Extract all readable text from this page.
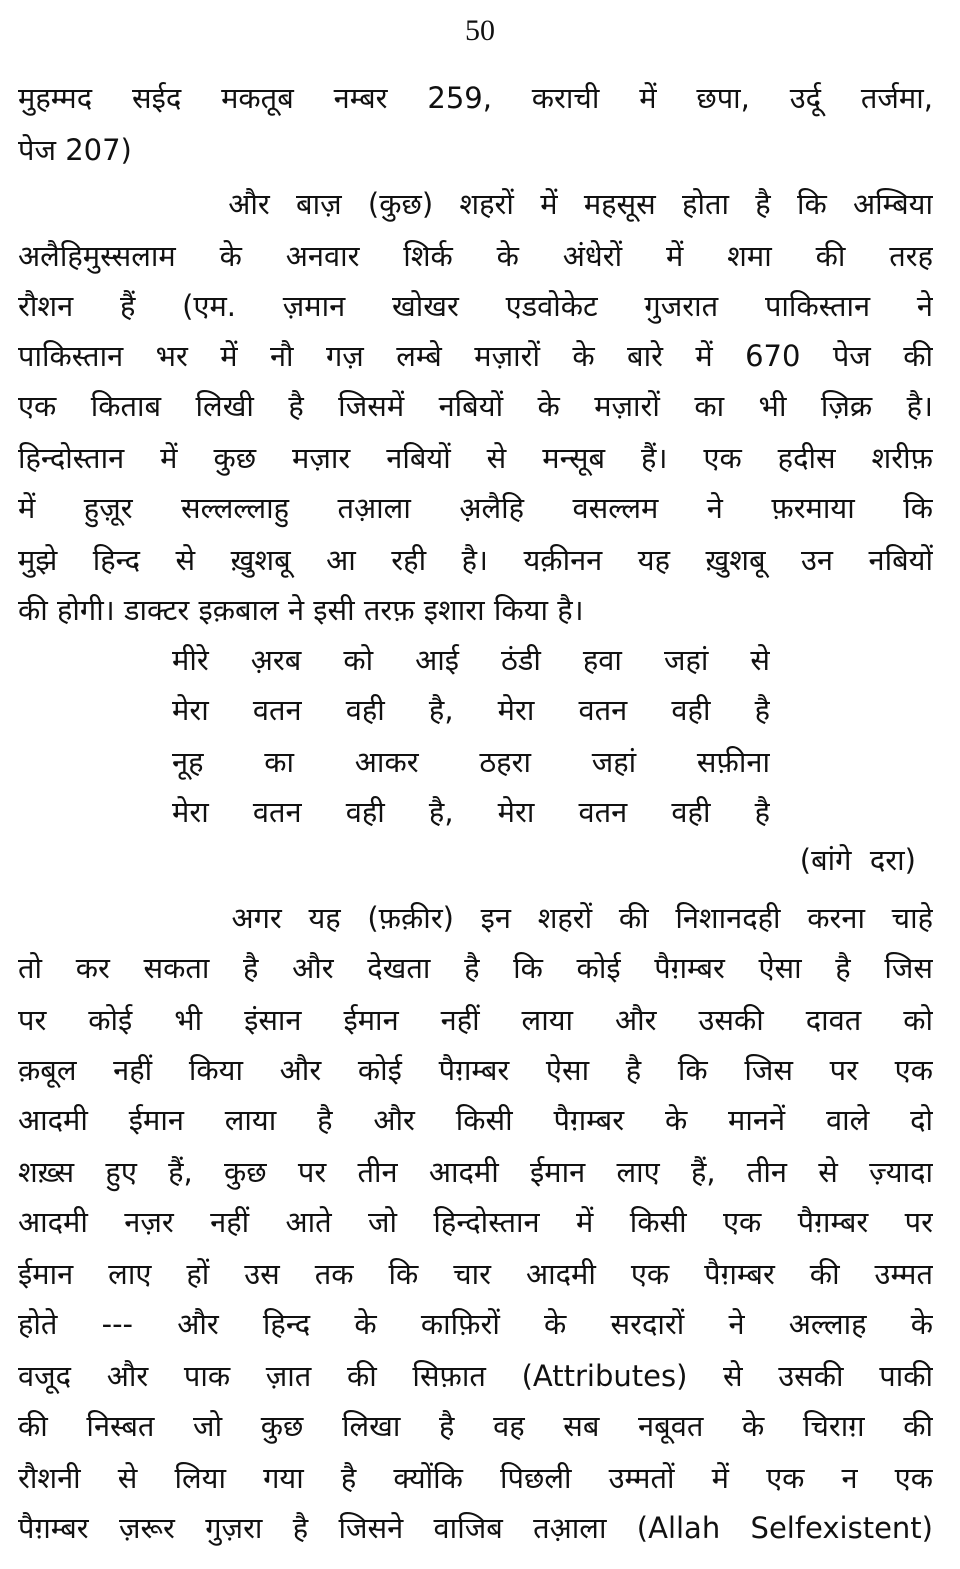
50
मुहम्मद सईद मकतूब नम्बर 259, कराची में छपा, उर्दू तर्जमा,
पेज 207)
और बाज़ (कुछ) शहरों में महसूस होता है कि अम्बिया
अलैहिमुस्सलाम के अनवार शिर्क के अंधेरों में शमा की तरह
रौशन हैं (एम. ज़मान खोखर एडवोकेट गुजरात पाकिस्तान ने
पाकिस्तान भर में नौ गज़ लम्बे मज़ारों के बारे में 670 पेज की
एक किताब लिखी है जिसमें नबियों के मज़ारों का भी ज़िक्र है।
हिन्दोस्तान में कुछ मज़ार नबियों से मन्सूब हैं। एक हदीस शरीफ़
में हुज़ूर सल्लल्लाहु तआ़ला अ़लैहि वसल्लम ने फ़रमाया कि
मुझे हिन्द से ख़ुशबू आ रही है। यक़ीनन यह ख़ुशबू उन नबियों
की होगी। डाक्टर इक़बाल ने इसी तरफ़ इशारा किया है।
मीरे अ़रब को आई ठंडी हवा जहां से
मेरा वतन वही है, मेरा वतन वही है
नूह का आकर ठहरा जहां सफ़ीना
मेरा वतन वही है, मेरा वतन वही है
(बांगे  दरा)
अगर यह (फ़क़ीर) इन शहरों की निशानदही करना चाहे
तो कर सकता है और देखता है कि कोई पैग़म्बर ऐसा है जिस
पर कोई भी इंसान ईमान नहीं लाया और उसकी दावत को
क़बूल नहीं किया और कोई पैग़म्बर ऐसा है कि जिस पर एक
आदमी ईमान लाया है और किसी पैग़म्बर के माननें वाले दो
शख़्स हुए हैं, कुछ पर तीन आदमी ईमान लाए हैं, तीन से ज़्यादा
आदमी नज़र नहीं आते जो हिन्दोस्तान में किसी एक पैग़म्बर पर
ईमान लाए हों उस तक कि चार आदमी एक पैग़म्बर की उम्मत
होते --- और हिन्द के काफ़िरों के सरदारों ने अल्लाह के
वजूद और पाक ज़ात की सिफ़ात (Attributes) से उसकी पाकी
की निस्बत जो कुछ लिखा है वह सब नबूवत के चिराग़ की
रौशनी से लिया गया है क्योंकि पिछली उम्मतों में एक न एक
पैग़म्बर ज़रूर गुज़रा है जिसने वाजिब तआ़ला (Allah Selfexistent)
